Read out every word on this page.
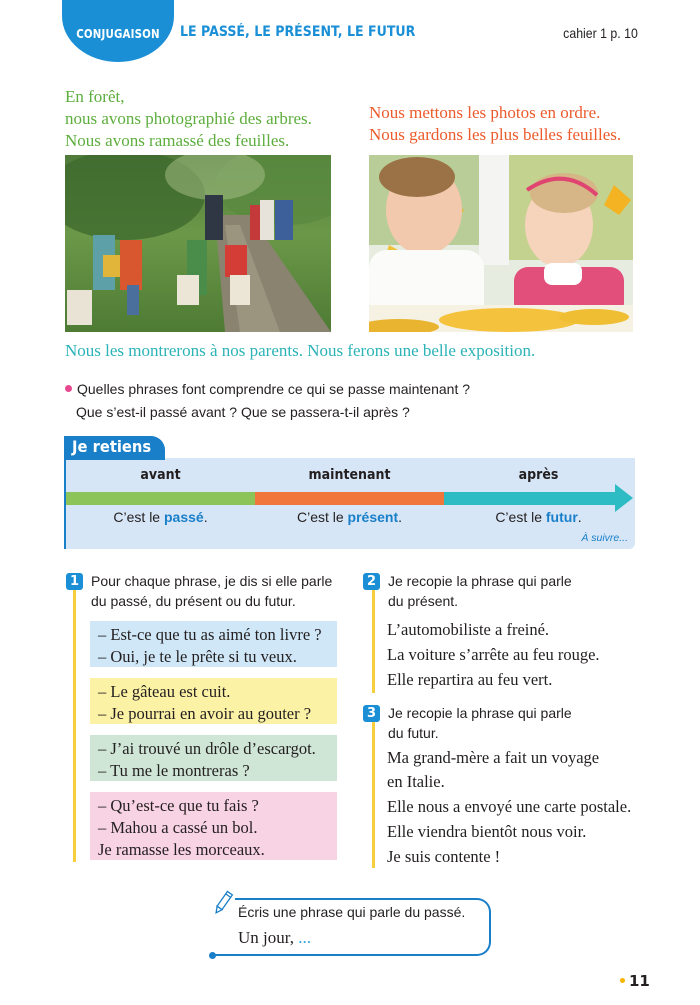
CONJUGAISON LE PASSÉ, LE PRÉSENT, LE FUTUR	cahier 1 p. 10
En forêt,
nous avons photographié des arbres.
Nous avons ramassé des feuilles.
Nous mettons les photos en ordre.
Nous gardons les plus belles feuilles.
Nous les montrerons à nos parents. Nous ferons une belle exposition.
Quelles phrases font comprendre ce qui se passe maintenant ?
Que s’est-il passé avant ? Que se passera-t-il après ?
Je retiens
avant	maintenant	après
C’est le passé.	C’est le présent.	C’est le futur.
À suivre...
1 Pour chaque phrase, je dis si elle parle
du passé, du présent ou du futur.
– Est-ce que tu as aimé ton livre ?
– Oui, je te le prête si tu veux.
– Le gâteau est cuit.
– Je pourrai en avoir au gouter ?
– J’ai trouvé un drôle d’escargot.
– Tu me le montreras ?
– Qu’est-ce que tu fais ?
– Mahou a cassé un bol.
Je ramasse les morceaux.
2 Je recopie la phrase qui parle
du présent.
L’automobiliste a freiné.
La voiture s’arrête au feu rouge.
Elle repartira au feu vert.
3 Je recopie la phrase qui parle
du futur.
Ma grand-mère a fait un voyage
en Italie.
Elle nous a envoyé une carte postale.
Elle viendra bientôt nous voir.
Je suis contente !
Écris une phrase qui parle du passé.
Un jour, ...
11
